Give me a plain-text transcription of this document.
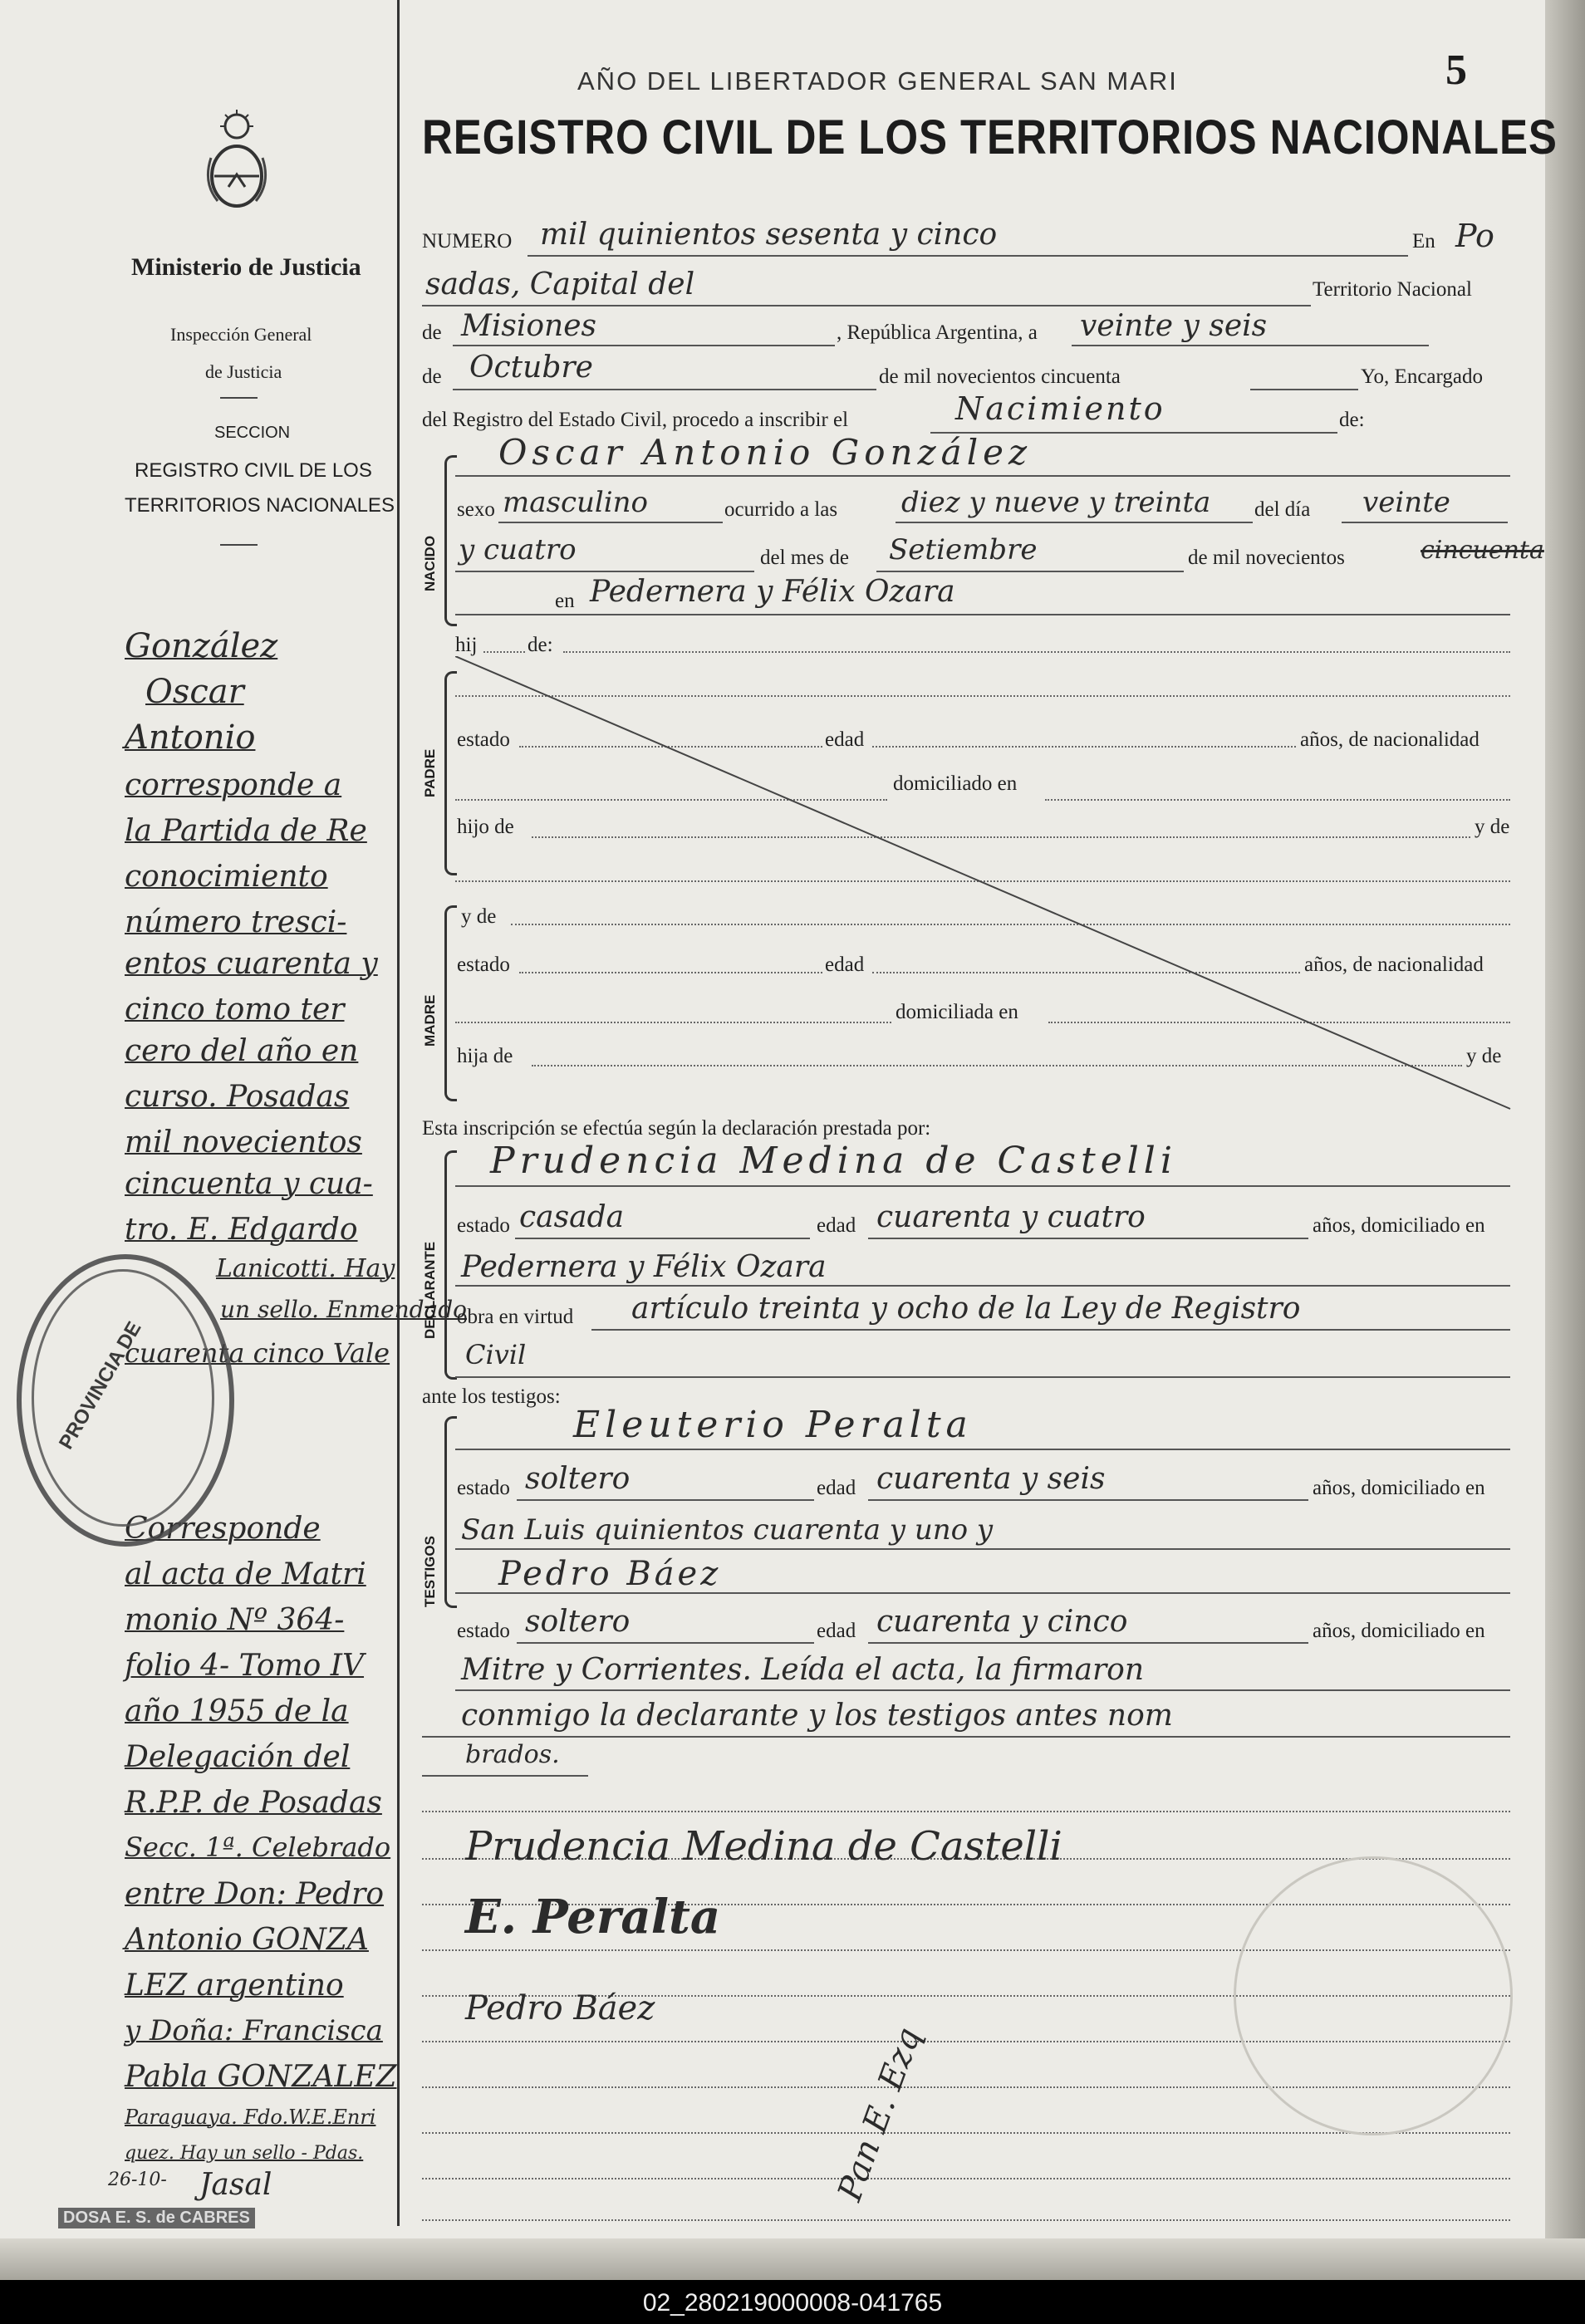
Ministerio de Justicia
Inspección General
de Justicia
SECCION
REGISTRO CIVIL DE LOS
TERRITORIOS NACIONALES
González
Oscar
Antonio
corresponde a
la Partida de Re
conocimiento
número tresci-
entos cuarenta y
cinco tomo ter
cero del año en
curso. Posadas
mil novecientos
cincuenta y cua-
tro. E. Edgardo
Lanicotti. Hay
un sello. Enmendado
cuarenta cinco Vale
Corresponde
al acta de Matri
monio Nº 364-
folio 4- Tomo IV
año 1955 de la
Delegación del
R.P.P. de Posadas
Secc. 1ª. Celebrado
entre Don: Pedro
Antonio GONZA
LEZ argentino
y Doña: Francisca
Pabla GONZALEZ
Paraguaya. Fdo.W.E.Enri
quez. Hay un sello - Pdas.
26-10- Jasal
DOSA E. S. de CABRES
PROVINCIA DE
AÑO DEL LIBERTADOR GENERAL SAN MARI	5
REGISTRO CIVIL DE LOS TERRITORIOS NACIONALES
NUMERO mil quinientos sesenta y cinco	En Po
sadas, Capital del	Territorio Nacional
de Misiones	, República Argentina, a veinte y seis
de Octubre	de mil novecientos cincuenta	Yo, Encargado
del Registro del Estado Civil, procedo a inscribir el	Nacimiento	de:
NACIDO
Oscar Antonio González
sexo masculino	ocurrido a las diez y nueve y treinta del día veinte
y cuatro	del mes de Setiembre	de mil novecientos	cincuenta
en Pedernera y Félix Ozara
hij de:
PADRE
estado	edad	años, de nacionalidad
domiciliado en
hijo de	y de
MADRE
y de
estado	edad	años, de nacionalidad
domiciliada en
hija de	y de
Esta inscripción se efectúa según la declaración prestada por:
DECLARANTE
Prudencia Medina de Castelli
estado casada	edad cuarenta y cuatro	años, domiciliado en
Pedernera y Félix Ozara
obra en virtud artículo treinta y ocho de la Ley de Registro
Civil
ante los testigos:
TESTIGOS
Eleuterio Peralta
estado soltero	edad cuarenta y seis	años, domiciliado en
San Luis quinientos cuarenta y uno y
Pedro Báez
estado soltero	edad cuarenta y cinco	años, domiciliado en
Mitre y Corrientes. Leída el acta, la firmaron
conmigo la declarante y los testigos antes nom
brados.
Prudencia Medina de Castelli
E. Peralta
Pedro Báez
Pan E. Ezq
02_280219000008-041765
